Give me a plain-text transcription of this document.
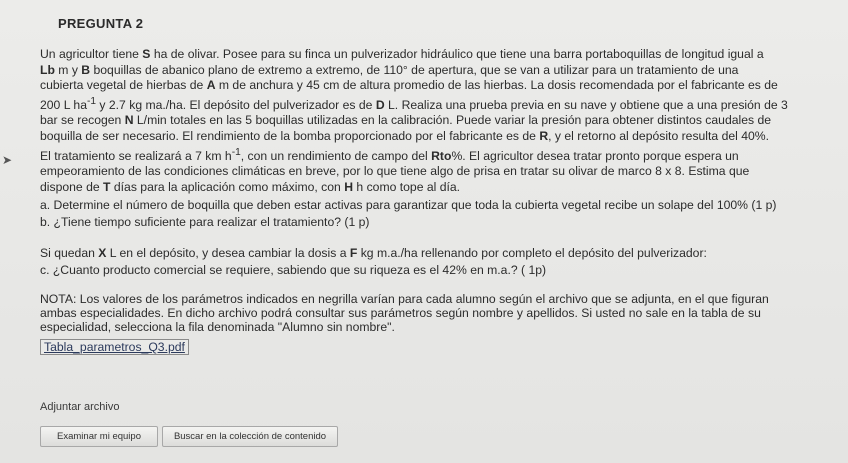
PREGUNTA 2

Un agricultor tiene S ha de olivar. Posee para su finca un pulverizador hidráulico que tiene una barra portaboquillas de longitud igual a

Lb m y B boquillas de abanico plano de extremo a extremo, de 110° de apertura, que se van a utilizar para un tratamiento de una

cubierta vegetal de hierbas de A m de anchura y 45 cm de altura promedio de las hierbas. La dosis recomendada por el fabricante es de

200 L $ha^{-1}$ y 2.7 kg ma./ha. El depósito del pulverizador es de D L. Realiza una prueba previa en su nave y obtiene que a una presión de 3

bar se recogen N L/min totales en las 5 boquillas utilizadas en la calibración. Puede variar la presión para obtener distintos caudales de

boquilla de ser necesario. El rendimiento de la bomba proporcionado por el fabricante es de R, y el retorno al depósito resulta del 40%.

El tratamiento se realizará a 7 km $h^{-1}$, con un rendimiento de campo del Rto%. El agricultor desea tratar pronto porque espera un

empeoramiento de las condiciones climáticas en breve, por lo que tiene algo de prisa en tratar su olivar de marco 8 x 8. Estima que

dispone de T días para la aplicación como máximo, con H h como tope al día.

➤
a. Determine el número de boquilla que deben estar activas para garantizar que toda la cubierta vegetal recibe un solape del 100% (1 p)
b. ¿Tiene tiempo suficiente para realizar el tratamiento? (1 p)
Si quedan X L en el depósito, y desea cambiar la dosis a F kg m.a./ha rellenando por completo el depósito del pulverizador:
c. ¿Cuanto producto comercial se requiere, sabiendo que su riqueza es el 42% en m.a.? ( 1p)
NOTA: Los valores de los parámetros indicados en negrilla varían para cada alumno según el archivo que se adjunta, en el que figuran
ambas especialidades. En dicho archivo podrá consultar sus parámetros según nombre y apellidos. Si usted no sale en la tabla de su
especialidad, selecciona la fila denominada "Alumno sin nombre".
Tabla_parametros_Q3.pdf
Adjuntar archivo
Examinar mi equipo	Buscar en la colección de contenido
